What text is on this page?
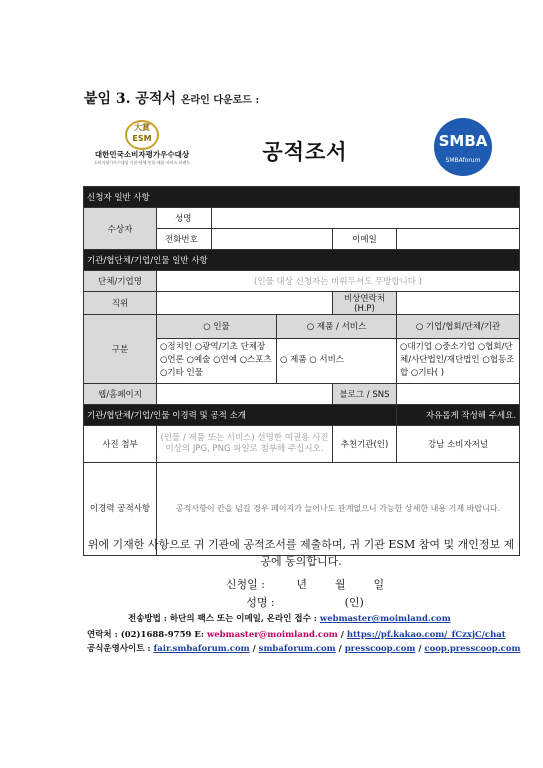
붙임 3. 공적서 온라인 다운로드 :
大賞
ESM
대한민국소비자평가우수대상
소비자평가우수대상 기관·단체·인물·제품·서비스·브랜드	공적조서	SMBA
SMBAforum
신청자 일반 사항					
수상자	성명				
	전화번호			이메일	
기관/협단체/기업/인물 일반 사항					
단체/기업명	(인물 대상 신청자는 비워두셔도 무방합니다 )				
직위				비상연락처(H.P)	
구분	○ 인물		○ 제품 / 서비스		○ 기업/협회/단체/기관
	○정치인 ○광역/기초 단체장 ○언론 ○예술 ○연예 ○스포츠 ○기타 인물		○ 제품 ○ 서비스		○대기업 ○중소기업 ○협회/단체/사단법인/재단법인 ○협동조합 ○기타( )
웹/홈페이지				블로그 / SNS	
기관/협단체/기업/인물 이경력 및 공적 소개					자유롭게 작성해 주세요.
사진 첨부	(인물 / 제품 또는 서비스) 선명한 여권용 사진 이상의 JPG, PNG 파일로 첨부해 주십시오.			추천기관(인)	강남 소비자저널
이경력 공적사항	공적사항이 칸을 넘길 경우 페이지가 늘어나도 관계없으니 가능한 상세한 내용 기재 바랍니다.				
위에 기재한 사항으로 귀 기관에 공적조서를 제출하며, 귀 기관 ESM 참여 및 개인정보 제공에 동의합니다.
신청일 :         년        월        일
성명 :                    (인)
전송방법 : 하단의 팩스 또는 이메일, 온라인 접수 : webmaster@moimland.com
연락처 : (02)1688-9759 E: webmaster@moimland.com / https://pf.kakao.com/_fCzxjC/chat
공식운영사이트 : fair.smbaforum.com / smbaforum.com / presscoop.com / coop.presscoop.com
